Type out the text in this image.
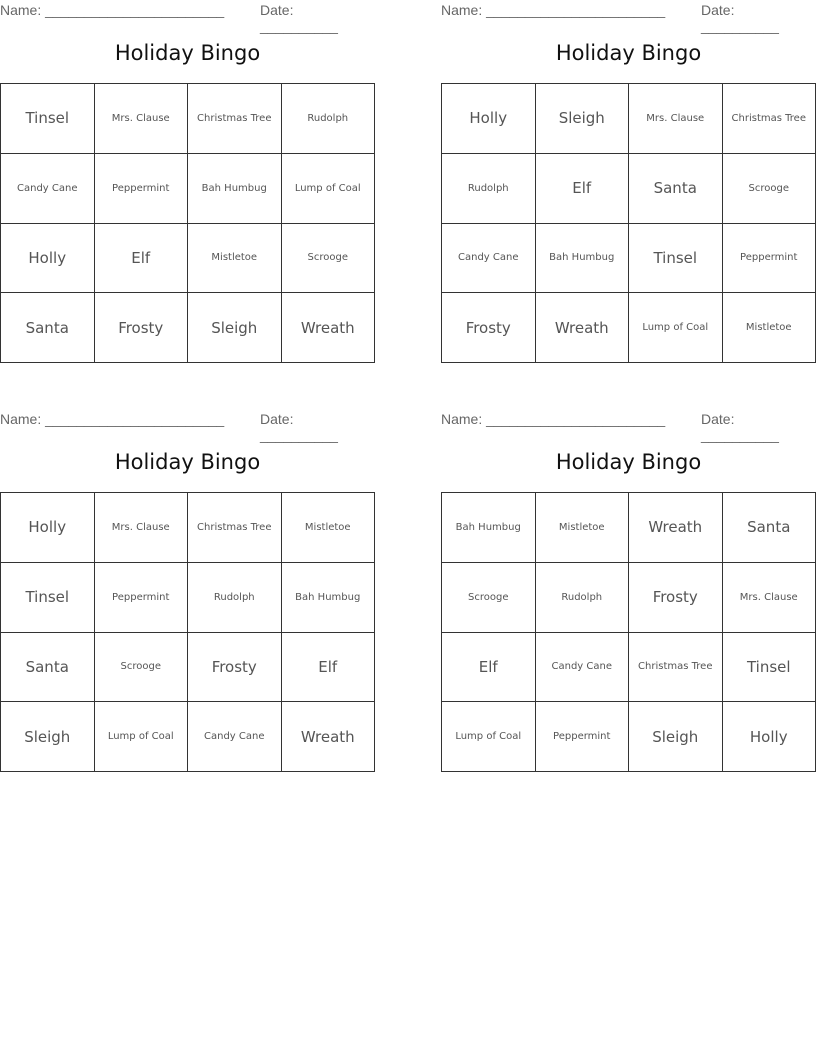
Name: _______________________	Date: __________
Holiday Bingo
Tinsel	Mrs. Clause	Christmas Tree	Rudolph
Candy Cane	Peppermint	Bah Humbug	Lump of Coal
Holly	Elf	Mistletoe	Scrooge
Santa	Frosty	Sleigh	Wreath
Name: _______________________	Date: __________
Holiday Bingo
Holly	Sleigh	Mrs. Clause	Christmas Tree
Rudolph	Elf	Santa	Scrooge
Candy Cane	Bah Humbug	Tinsel	Peppermint
Frosty	Wreath	Lump of Coal	Mistletoe
Name: _______________________	Date: __________
Holiday Bingo
Holly	Mrs. Clause	Christmas Tree	Mistletoe
Tinsel	Peppermint	Rudolph	Bah Humbug
Santa	Scrooge	Frosty	Elf
Sleigh	Lump of Coal	Candy Cane	Wreath
Name: _______________________	Date: __________
Holiday Bingo
Bah Humbug	Mistletoe	Wreath	Santa
Scrooge	Rudolph	Frosty	Mrs. Clause
Elf	Candy Cane	Christmas Tree	Tinsel
Lump of Coal	Peppermint	Sleigh	Holly
